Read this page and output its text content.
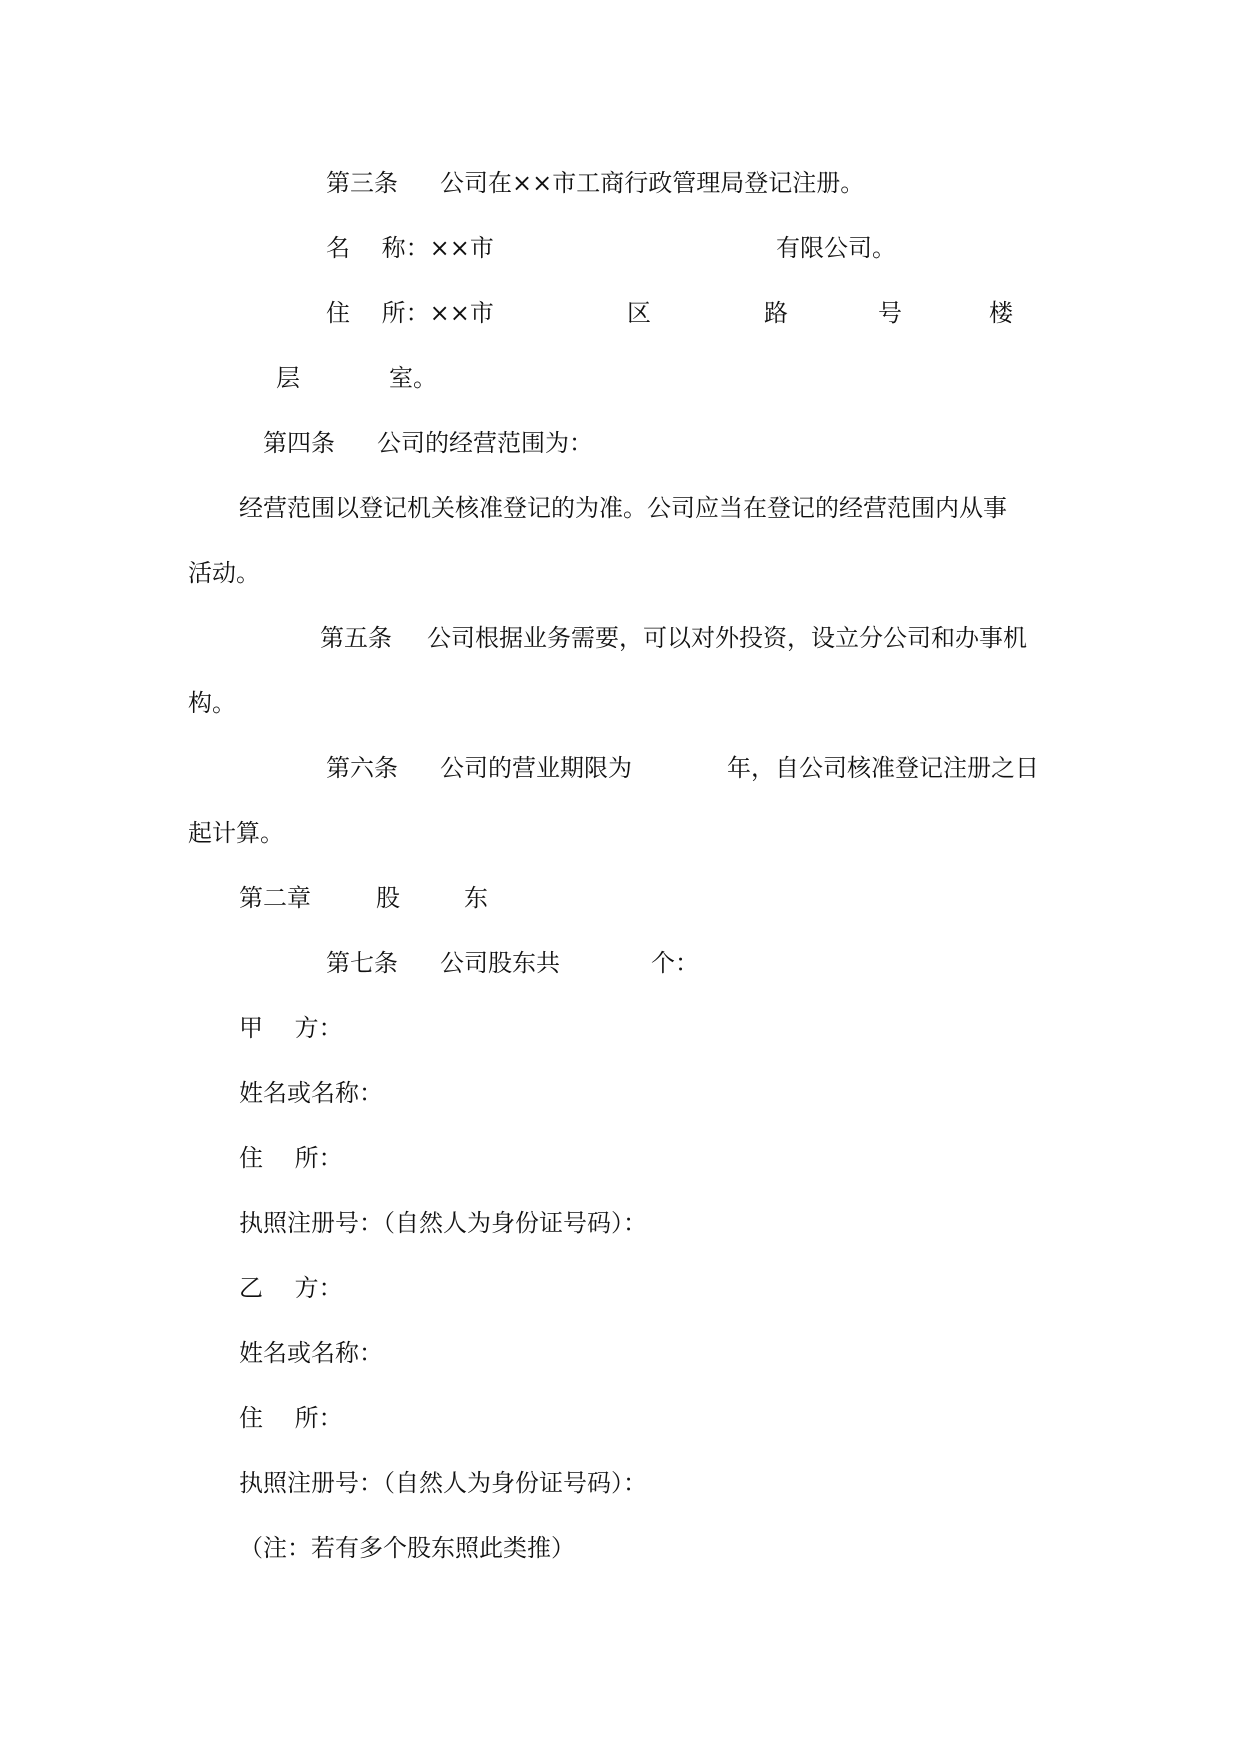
第三条

公司在××市工商行政管理局登记注册。

名　 称：××市

	有限公司。

住　 所：××市

	区

	路

	号

	楼

层

	室。

第四条

公司的经营范围为：

经营范围以登记机关核准登记的为准。公司应当在登记的经营范围内从事

活动。

第五条

公司根据业务需要，可以对外投资，设立分公司和办事机

构。

第六条

公司的营业期限为

	年，自公司核准登记注册之日

起计算。

第二章

	股

	东

第七条

公司股东共

	个：

甲　 方：
姓名或名称：
住　 所：
执照注册号：（自然人为身份证号码）：
乙　 方：
姓名或名称：
住　 所：
执照注册号：（自然人为身份证号码）：
（注：若有多个股东照此类推）
